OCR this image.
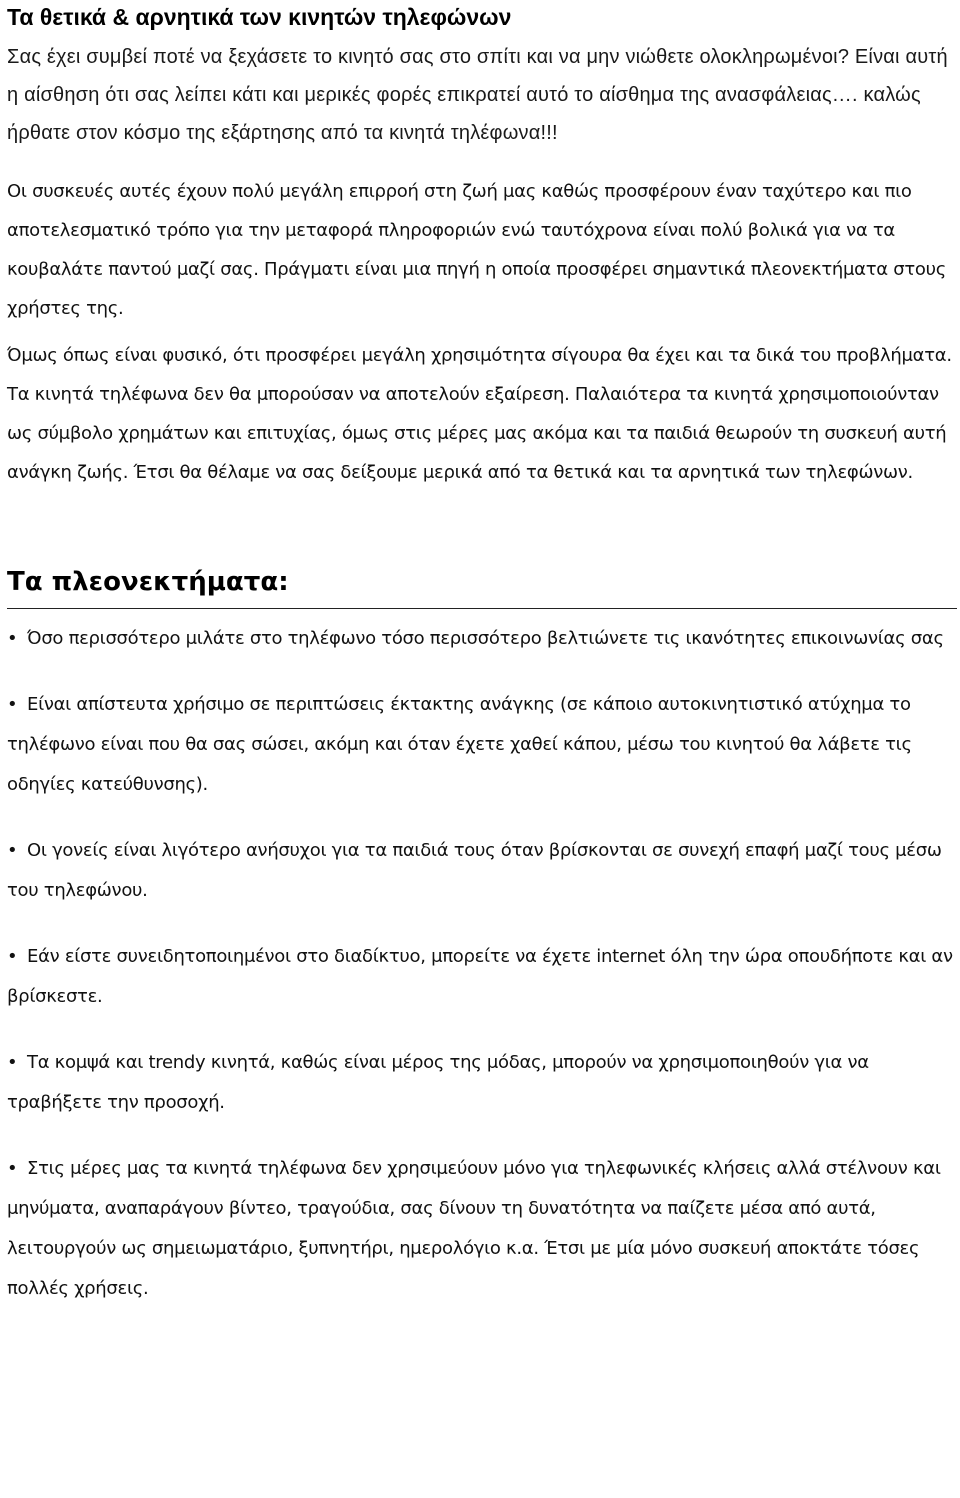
Τα θετικά & αρνητικά των κινητών τηλεφώνων

Σας έχει συμβεί ποτέ να ξεχάσετε το κινητό σας στο σπίτι και να μην νιώθετε ολοκληρωμένοι? Είναι αυτή η αίσθηση ότι σας λείπει κάτι και μερικές φορές επικρατεί αυτό το αίσθημα της ανασφάλειας…. καλώς ήρθατε στον κόσμο της εξάρτησης από τα κινητά τηλέφωνα!!!

Οι συσκευές αυτές έχουν πολύ μεγάλη επιρροή στη ζωή μας καθώς προσφέρουν έναν ταχύτερο και πιο αποτελεσματικό τρόπο για την μεταφορά πληροφοριών ενώ ταυτόχρονα είναι πολύ βολικά για να τα κουβαλάτε παντού μαζί σας. Πράγματι είναι μια πηγή η οποία προσφέρει σημαντικά πλεονεκτήματα στους χρήστες της.

Όμως όπως είναι φυσικό, ότι προσφέρει μεγάλη χρησιμότητα σίγουρα θα έχει και τα δικά του προβλήματα. Τα κινητά τηλέφωνα δεν θα μπορούσαν να αποτελούν εξαίρεση. Παλαιότερα τα κινητά χρησιμοποιούνταν ως σύμβολο χρημάτων και επιτυχίας, όμως στις μέρες μας ακόμα και τα παιδιά θεωρούν τη συσκευή αυτή ανάγκη ζωής. Έτσι θα θέλαμε να σας δείξουμε μερικά από τα θετικά και τα αρνητικά των τηλεφώνων.

Τα πλεονεκτήματα:
• Όσο περισσότερο μιλάτε στο τηλέφωνο τόσο περισσότερο βελτιώνετε τις ικανότητες επικοινωνίας σας
• Είναι απίστευτα χρήσιμο σε περιπτώσεις έκτακτης ανάγκης (σε κάποιο αυτοκινητιστικό ατύχημα το τηλέφωνο είναι που θα σας σώσει, ακόμη και όταν έχετε χαθεί κάπου, μέσω του κινητού θα λάβετε τις οδηγίες κατεύθυνσης).
• Οι γονείς είναι λιγότερο ανήσυχοι για τα παιδιά τους όταν βρίσκονται σε συνεχή επαφή μαζί τους μέσω του τηλεφώνου.
• Εάν είστε συνειδητοποιημένοι στο διαδίκτυο, μπορείτε να έχετε internet όλη την ώρα οπουδήποτε και αν βρίσκεστε.
• Τα κομψά και trendy κινητά, καθώς είναι μέρος της μόδας, μπορούν να χρησιμοποιηθούν για να τραβήξετε την προσοχή.
• Στις μέρες μας τα κινητά τηλέφωνα δεν χρησιμεύουν μόνο για τηλεφωνικές κλήσεις αλλά στέλνουν και μηνύματα, αναπαράγουν βίντεο, τραγούδια, σας δίνουν τη δυνατότητα να παίζετε μέσα από αυτά, λειτουργούν ως σημειωματάριο, ξυπνητήρι, ημερολόγιο κ.α. Έτσι με μία μόνο συσκευή αποκτάτε τόσες πολλές χρήσεις.
